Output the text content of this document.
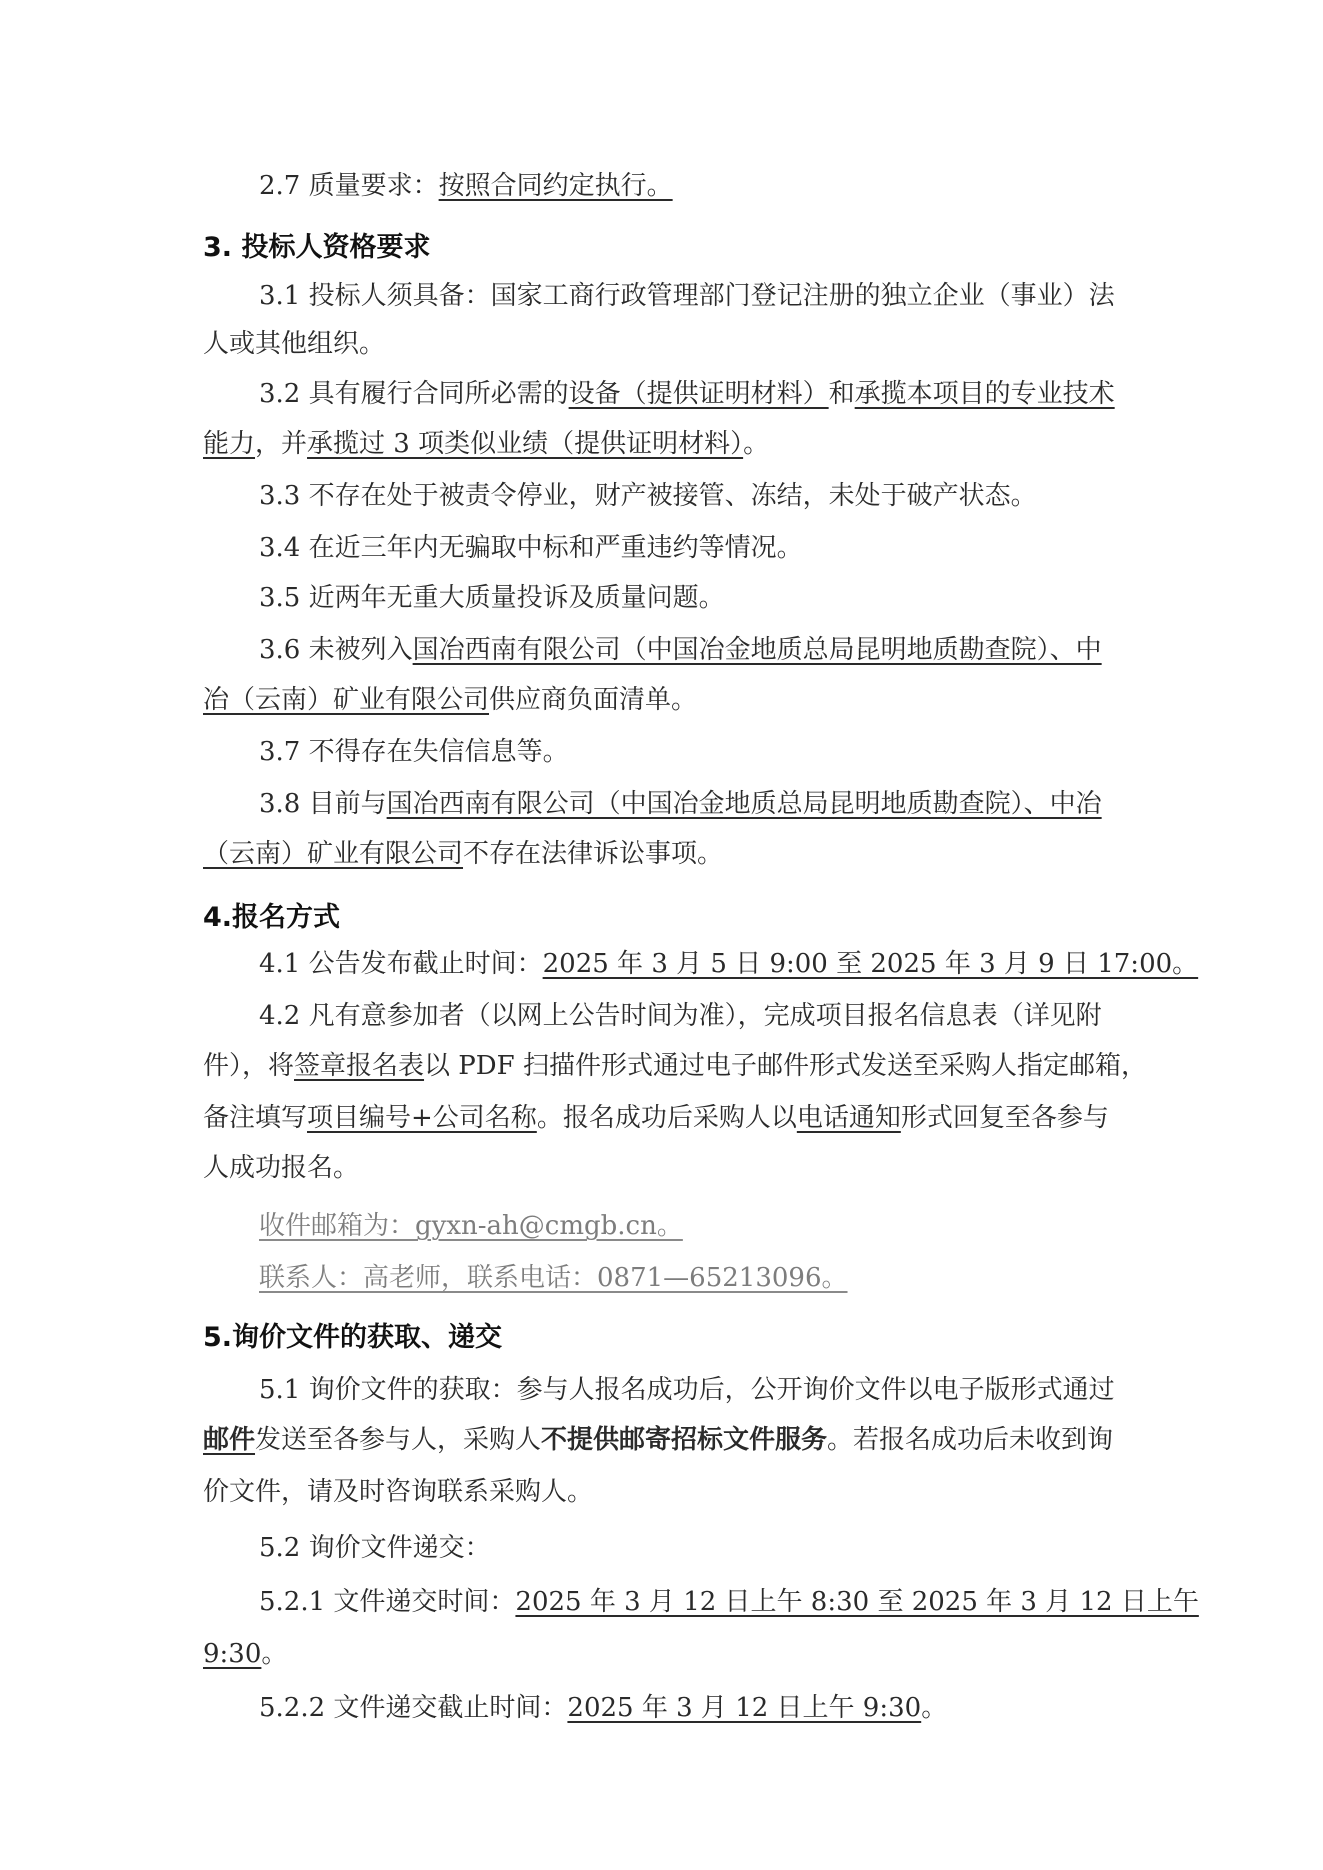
2.7 质量要求：按照合同约定执行。

3. 投标人资格要求

3.1 投标人须具备：国家工商行政管理部门登记注册的独立企业（事业）法

人或其他组织。

3.2 具有履行合同所必需的设备（提供证明材料）和承揽本项目的专业技术

能力，并承揽过 3 项类似业绩（提供证明材料）。

3.3 不存在处于被责令停业，财产被接管、冻结，未处于破产状态。

3.4 在近三年内无骗取中标和严重违约等情况。

3.5 近两年无重大质量投诉及质量问题。

3.6 未被列入国冶西南有限公司（中国冶金地质总局昆明地质勘查院）、中

冶（云南）矿业有限公司供应商负面清单。

3.7 不得存在失信信息等。

3.8 目前与国冶西南有限公司（中国冶金地质总局昆明地质勘查院）、中冶

（云南）矿业有限公司不存在法律诉讼事项。

4.报名方式

4.1 公告发布截止时间：2025 年 3 月 5 日 9:00 至 2025 年 3 月 9 日 17:00。

4.2 凡有意参加者（以网上公告时间为准），完成项目报名信息表（详见附

件），将签章报名表以 PDF 扫描件形式通过电子邮件形式发送至采购人指定邮箱，

备注填写项目编号+公司名称。报名成功后采购人以电话通知形式回复至各参与

人成功报名。

收件邮箱为：gyxn-ah@cmgb.cn。

联系人：高老师，联系电话：0871—65213096。

5.询价文件的获取、递交

5.1 询价文件的获取：参与人报名成功后，公开询价文件以电子版形式通过

邮件发送至各参与人，采购人不提供邮寄招标文件服务。若报名成功后未收到询

价文件，请及时咨询联系采购人。

5.2 询价文件递交：

5.2.1 文件递交时间：2025 年 3 月 12 日上午 8:30 至 2025 年 3 月 12 日上午

9:30。

5.2.2 文件递交截止时间：2025 年 3 月 12 日上午 9:30。
